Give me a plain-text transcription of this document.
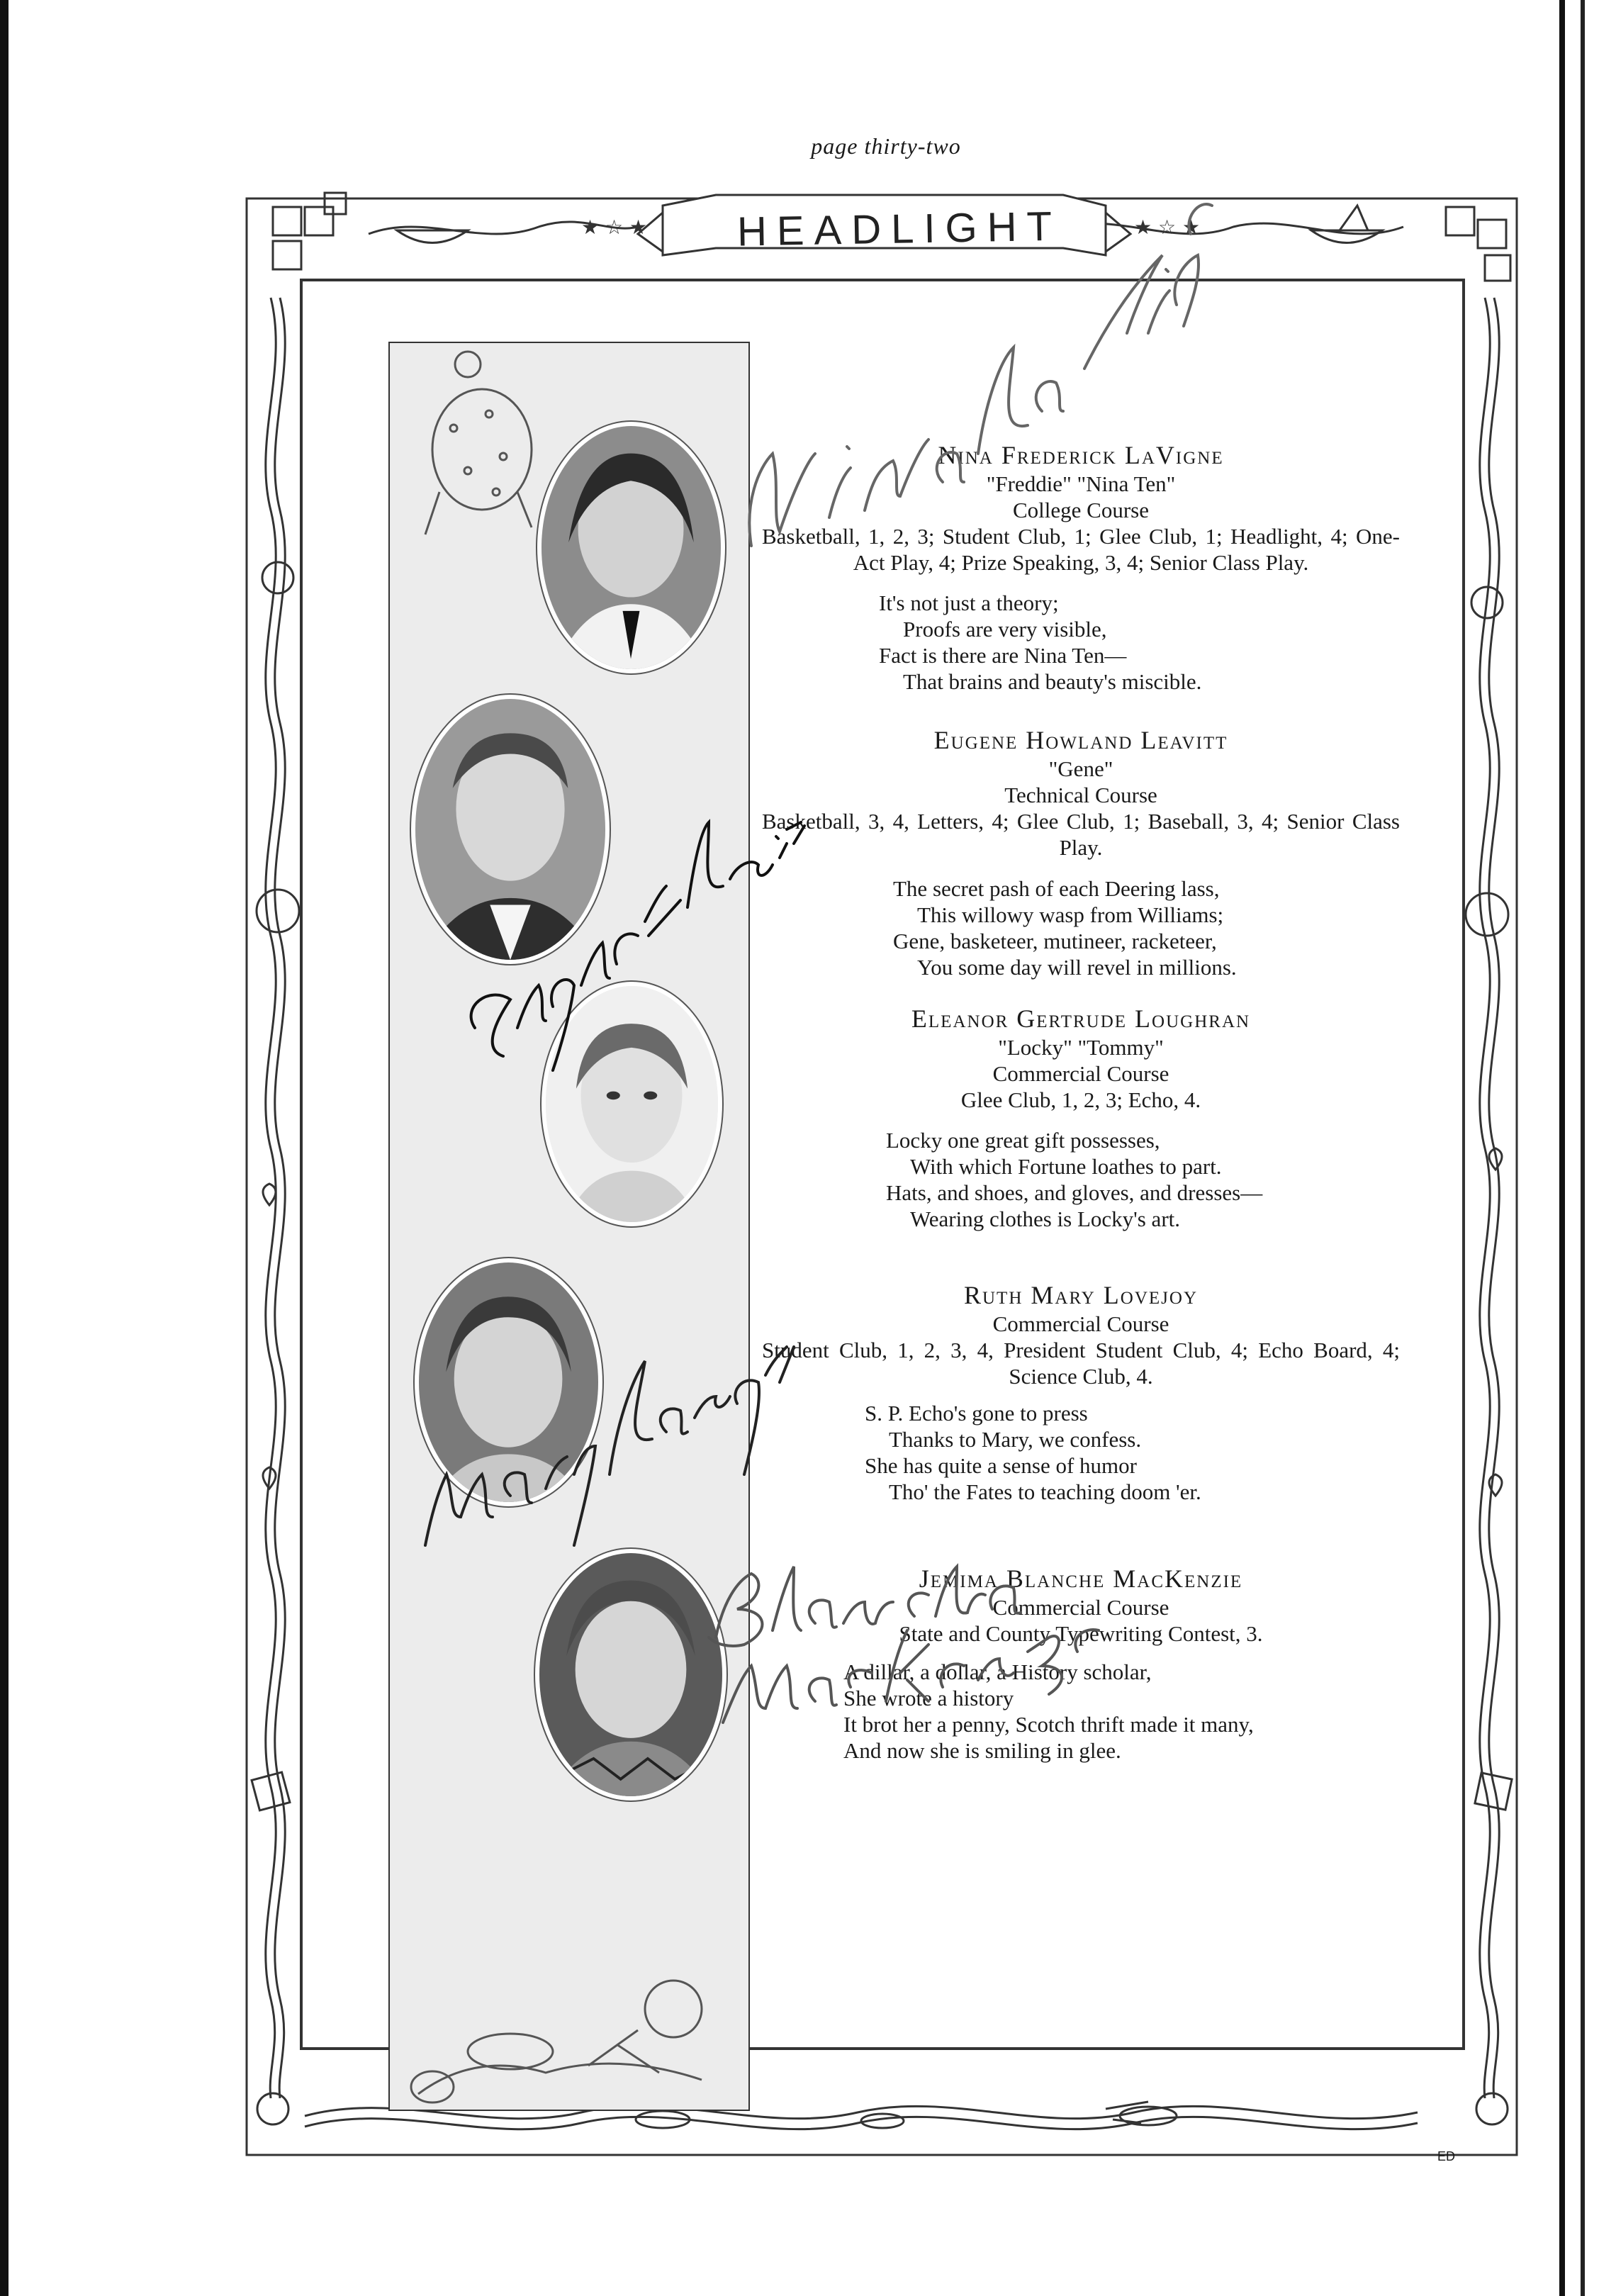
page thirty-two
★ ☆ ★	★ ☆ ★
HEADLIGHT
Nina Frederick LaVigne
"Freddie" "Nina Ten"
College Course
Basketball, 1, 2, 3; Student Club, 1; Glee Club, 1; Headlight, 4; One-Act Play, 4; Prize Speaking, 3, 4; Senior Class Play.
It's not just a theory;
Proofs are very visible,
Fact is there are Nina Ten—
That brains and beauty's miscible.
Eugene Howland Leavitt
"Gene"
Technical Course
Basketball, 3, 4, Letters, 4; Glee Club, 1; Baseball, 3, 4; Senior Class Play.
The secret pash of each Deering lass,
This willowy wasp from Williams;
Gene, basketeer, mutineer, racketeer,
You some day will revel in millions.
Eleanor Gertrude Loughran
"Locky" "Tommy"
Commercial Course
Glee Club, 1, 2, 3; Echo, 4.
Locky one great gift possesses,
With which Fortune loathes to part.
Hats, and shoes, and gloves, and dresses—
Wearing clothes is Locky's art.
Ruth Mary Lovejoy
Commercial Course
Student Club, 1, 2, 3, 4, President Student Club, 4; Echo Board, 4; Science Club, 4.
S. P. Echo's gone to press
Thanks to Mary, we confess.
She has quite a sense of humor
Tho' the Fates to teaching doom 'er.
Jemima Blanche MacKenzie
Commercial Course
State and County Typewriting Contest, 3.
A dillar, a dollar, a History scholar,
She wrote a history
It brot her a penny, Scotch thrift made it many,
And now she is smiling in glee.
ED
